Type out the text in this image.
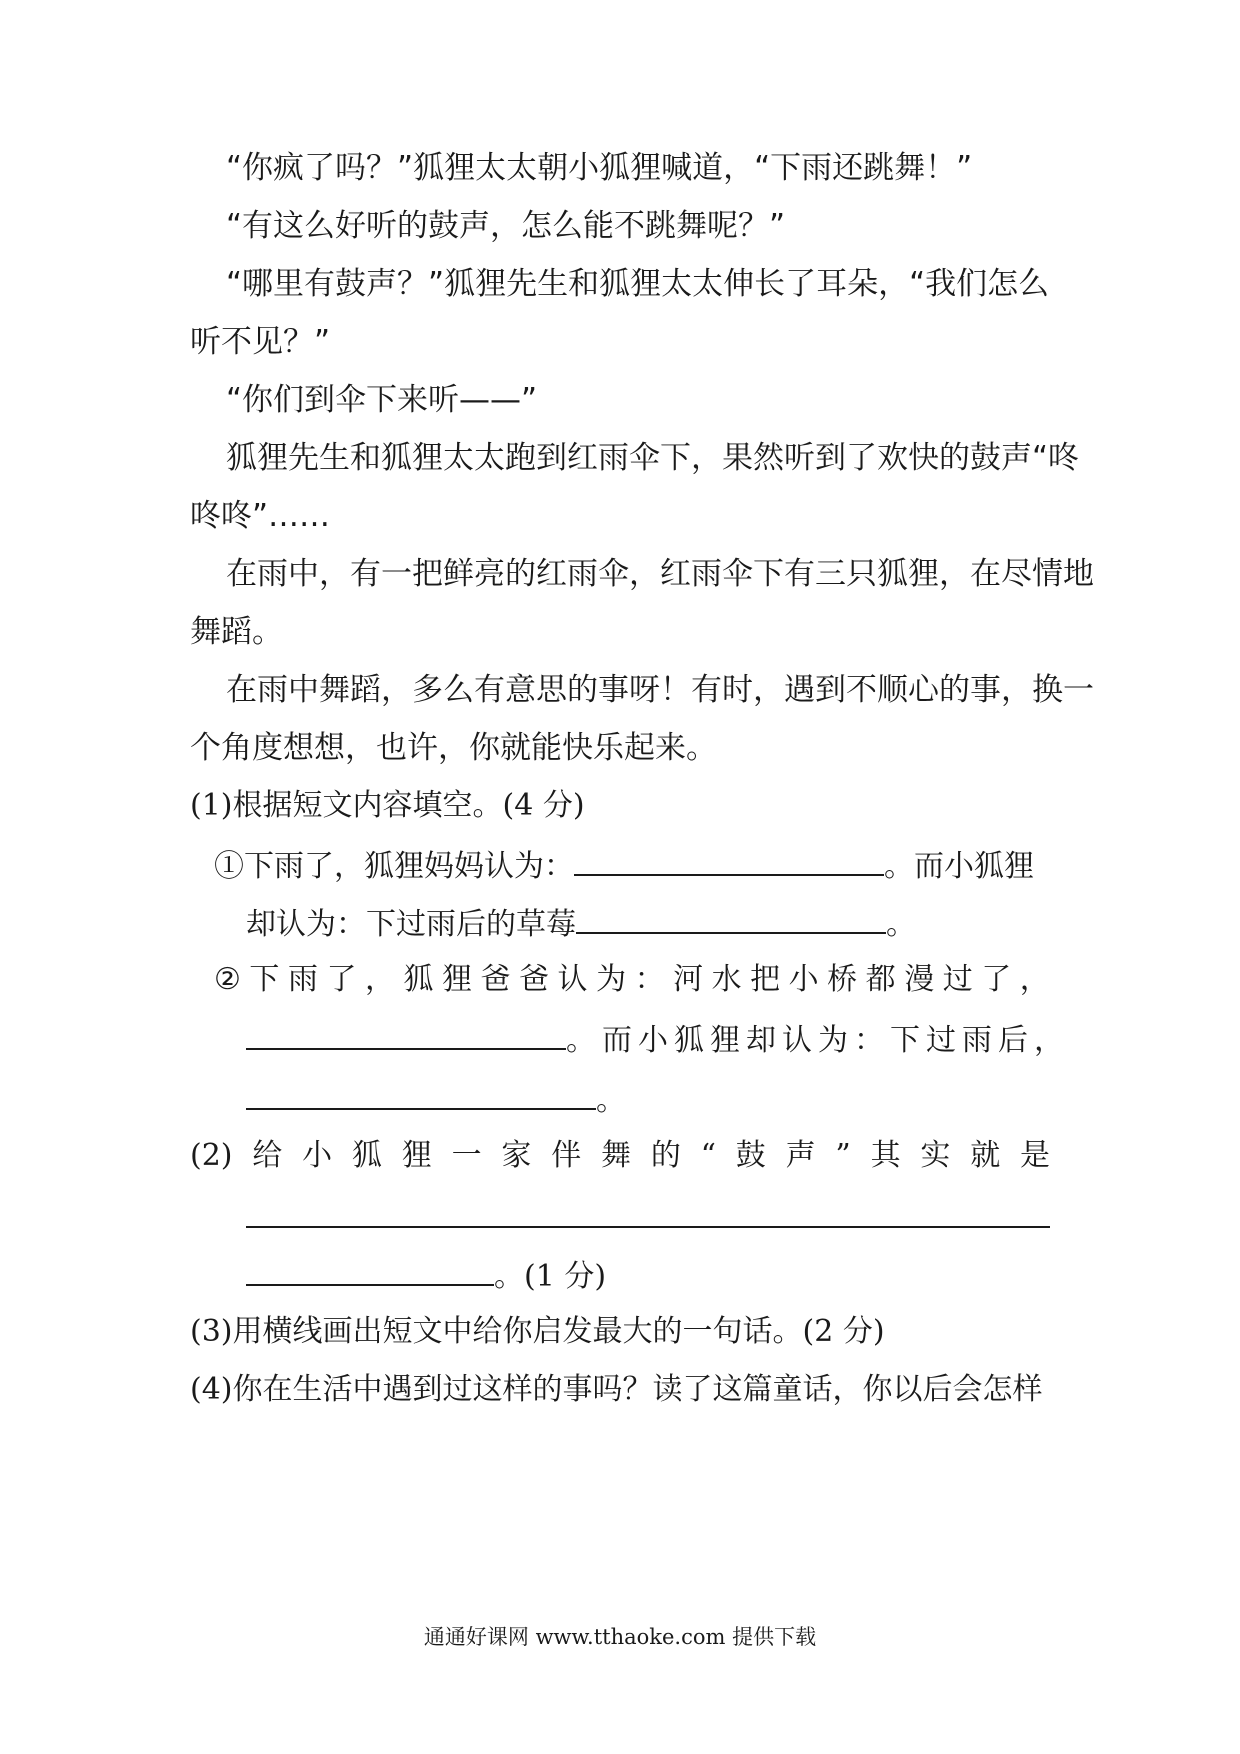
“你疯了吗？”狐狸太太朝小狐狸喊道，“下雨还跳舞！”
“有这么好听的鼓声，怎么能不跳舞呢？”
“哪里有鼓声？”狐狸先生和狐狸太太伸长了耳朵，“我们怎么
听不见？”
“你们到伞下来听——”
狐狸先生和狐狸太太跑到红雨伞下，果然听到了欢快的鼓声“咚
咚咚”……
在雨中，有一把鲜亮的红雨伞，红雨伞下有三只狐狸，在尽情地
舞蹈。
在雨中舞蹈，多么有意思的事呀！有时，遇到不顺心的事，换一
个角度想想，也许，你就能快乐起来。
(1)根据短文内容填空。(4 分)
①下雨了，狐狸妈妈认为：	。而小狐狸
却认为：下过雨后的草莓	。
② 下 雨 了 ， 狐 狸 爸 爸 认 为 ： 河 水 把 小 桥 都 漫 过 了 ，
。而小狐狸却认为：下过雨后，
。
(2) 给 小 狐 狸 一 家 伴 舞 的 “ 鼓 声 ” 其 实 就 是
。(1 分)
(3)用横线画出短文中给你启发最大的一句话。(2 分)
(4)你在生活中遇到过这样的事吗？读了这篇童话，你以后会怎样
通通好课网 www.tthaoke.com 提供下载
